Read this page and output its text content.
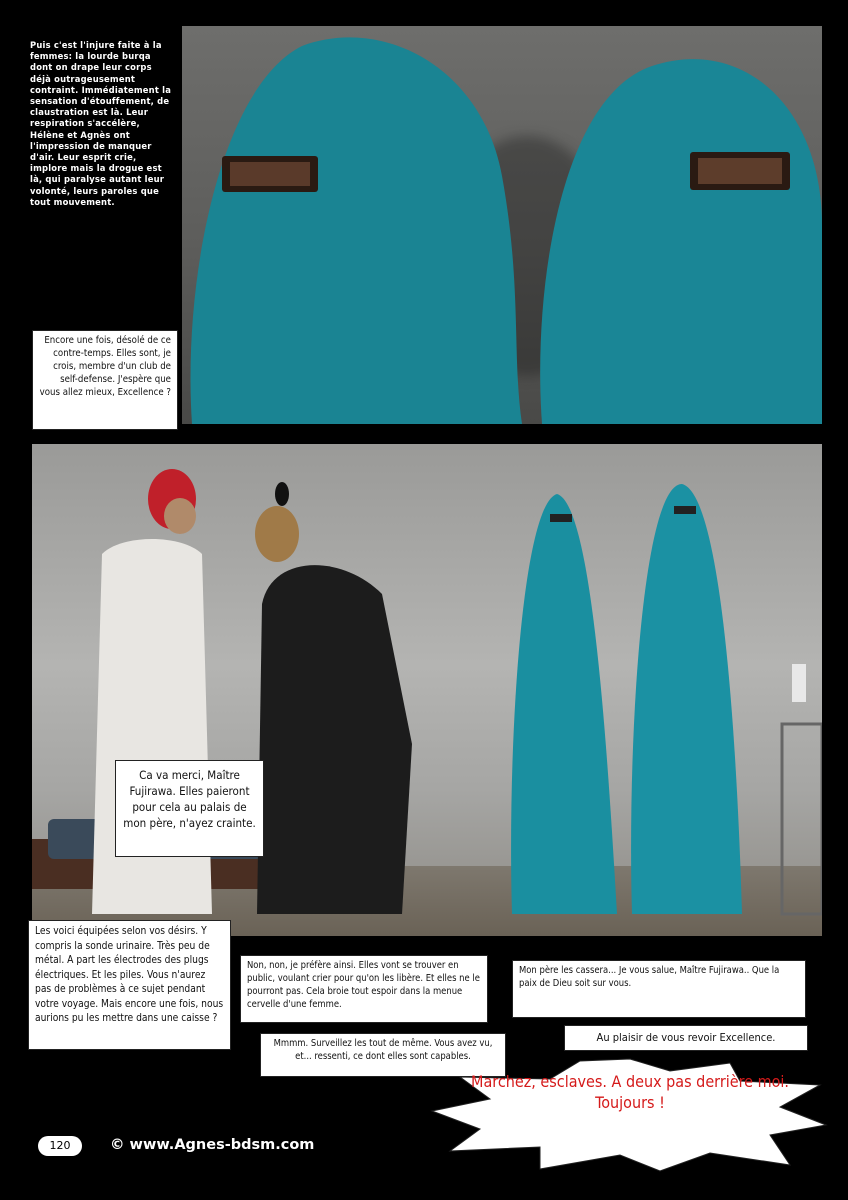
Puis c'est l'injure faite à la femmes: la lourde burqa dont on drape leur corps déjà outrageusement contraint. Immédiatement la sensation d'étouffement, de claustration est là. Leur respiration s'accélère, Hélène et Agnès ont l'impression de manquer d'air. Leur esprit crie, implore mais la drogue est là, qui paralyse autant leur volonté, leurs paroles que tout mouvement.
Encore une fois, désolé de ce contre-temps. Elles sont, je crois, membre d'un club de self-defense. J'espère que vous allez mieux, Excellence ?
Ca va merci, Maître Fujirawa. Elles paieront pour cela au palais de mon père, n'ayez crainte.
Les voici équipées selon vos désirs. Y compris la sonde urinaire. Très peu de métal. A part les électrodes des plugs électriques. Et les piles. Vous n'aurez pas de problèmes à ce sujet pendant votre voyage. Mais encore une fois, nous aurions pu les mettre dans une caisse ?
Non, non, je préfère ainsi. Elles vont se trouver en public, voulant crier pour qu'on les libère. Et elles ne le pourront pas. Cela broie tout espoir dans la menue cervelle d'une femme.
Mon père les cassera... Je vous salue, Maître Fujirawa.. Que la paix de Dieu soit sur vous.
Au plaisir de vous revoir Excellence.
Mmmm. Surveillez les tout de même. Vous avez vu, et... ressenti, ce dont elles sont capables.
Marchez, esclaves. A deux pas derrière moi. Toujours !
120	© www.Agnes-bdsm.com
